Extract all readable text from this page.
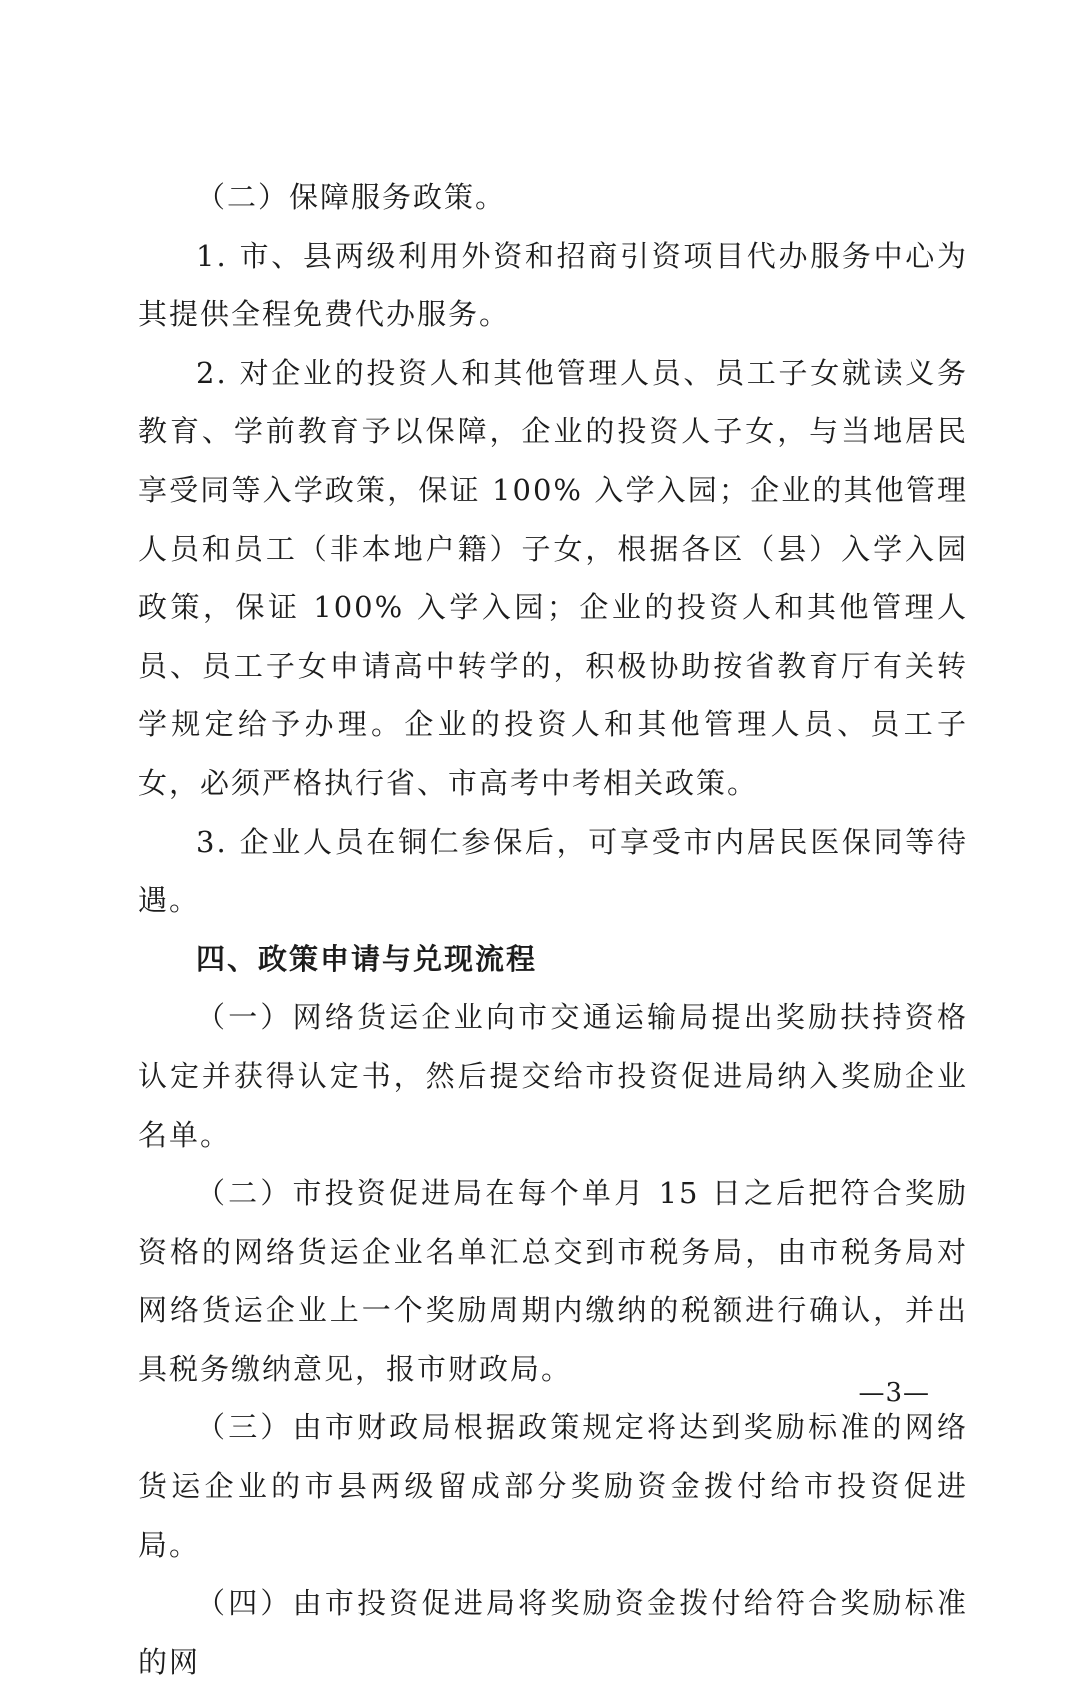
（二）保障服务政策。

1. 市、县两级利用外资和招商引资项目代办服务中心为其提供全程免费代办服务。

2. 对企业的投资人和其他管理人员、员工子女就读义务教育、学前教育予以保障，企业的投资人子女，与当地居民享受同等入学政策，保证 100% 入学入园；企业的其他管理人员和员工（非本地户籍）子女，根据各区（县）入学入园政策，保证 100% 入学入园；企业的投资人和其他管理人员、员工子女申请高中转学的，积极协助按省教育厅有关转学规定给予办理。企业的投资人和其他管理人员、员工子女，必须严格执行省、市高考中考相关政策。

3. 企业人员在铜仁参保后，可享受市内居民医保同等待遇。

四、政策申请与兑现流程

（一）网络货运企业向市交通运输局提出奖励扶持资格认定并获得认定书，然后提交给市投资促进局纳入奖励企业名单。

（二）市投资促进局在每个单月 15 日之后把符合奖励资格的网络货运企业名单汇总交到市税务局，由市税务局对网络货运企业上一个奖励周期内缴纳的税额进行确认，并出具税务缴纳意见，报市财政局。

（三）由市财政局根据政策规定将达到奖励标准的网络货运企业的市县两级留成部分奖励资金拨付给市投资促进局。

（四）由市投资促进局将奖励资金拨付给符合奖励标准的网

—3—
